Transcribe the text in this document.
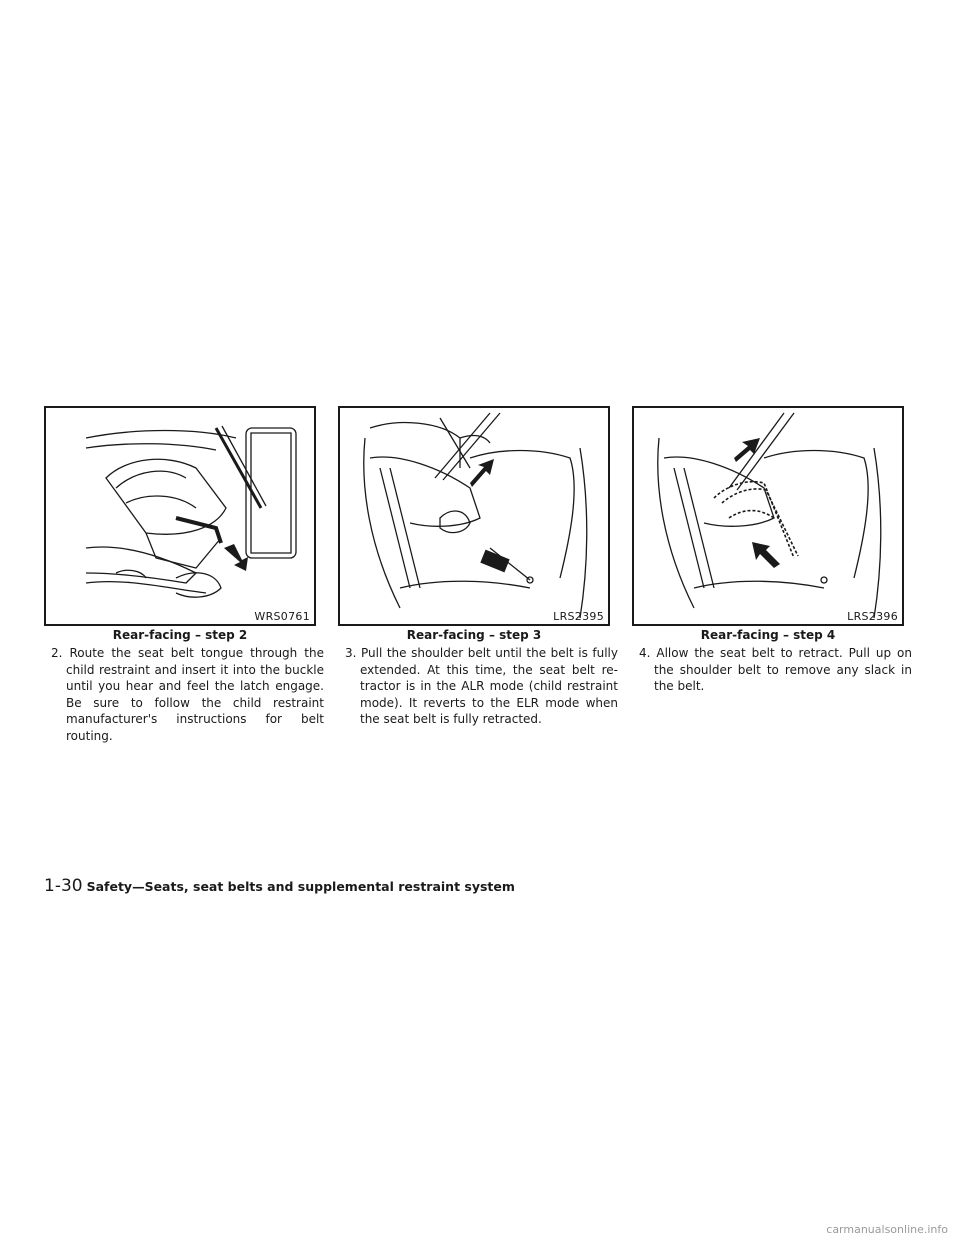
WRS0761
Rear-facing – step 2
2. Route the seat belt tongue through the child restraint and insert it into the buckle until you hear and feel the latch engage. Be sure to follow the child restraint manufacturer's instructions for belt routing.
LRS2395
Rear-facing – step 3
3. Pull the shoulder belt until the belt is fully extended. At this time, the seat belt re-tractor is in the ALR mode (child restraint mode). It reverts to the ELR mode when the seat belt is fully retracted.
LRS2396
Rear-facing – step 4
4. Allow the seat belt to retract. Pull up on the shoulder belt to remove any slack in the belt.
1-30 Safety—Seats, seat belts and supplemental restraint system
carmanualsonline.info
